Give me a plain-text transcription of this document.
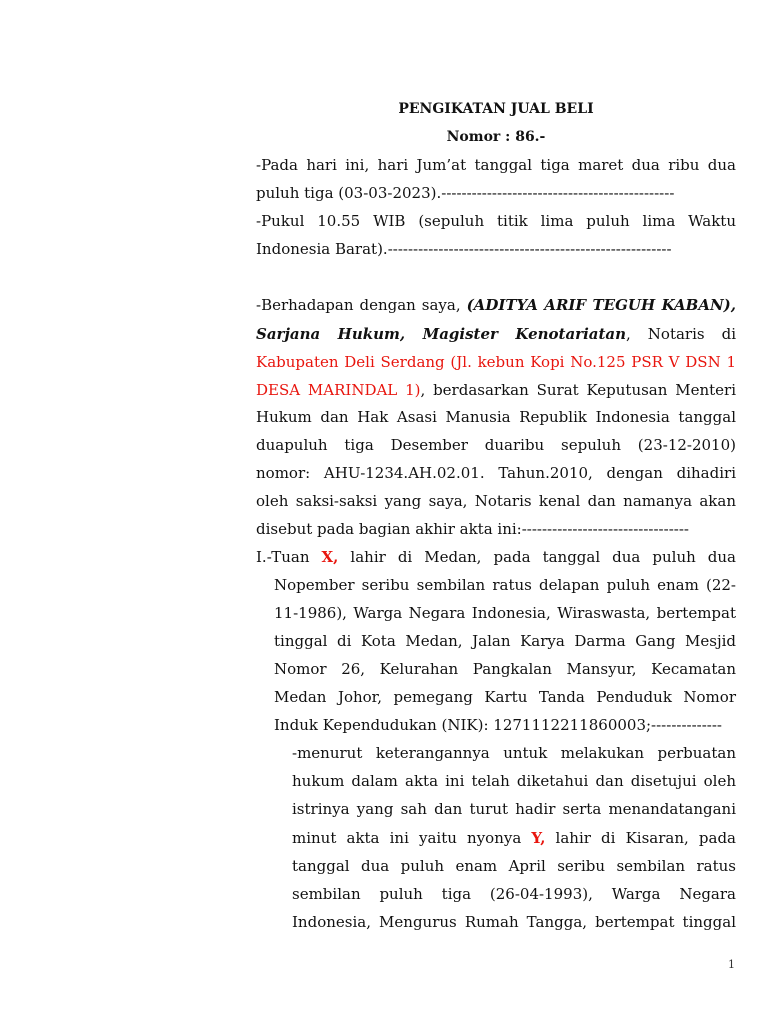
PENGIKATAN JUAL BELI
Nomor : 86.-
-Pada hari ini, hari Jum’at tanggal tiga maret dua ribu dua
puluh tiga (03-03-2023).----------------------------------------------
-Pukul 10.55 WIB (sepuluh titik lima puluh lima Waktu
Indonesia Barat).--------------------------------------------------------
-Berhadapan dengan saya, (ADITYA ARIF TEGUH KABAN),
Sarjana Hukum, Magister Kenotariatan, Notaris di
Kabupaten Deli Serdang (Jl. kebun Kopi No.125 PSR V DSN 1
DESA MARINDAL 1), berdasarkan Surat Keputusan Menteri
Hukum dan Hak Asasi Manusia Republik Indonesia tanggal
duapuluh tiga Desember duaribu sepuluh (23-12-2010)
nomor: AHU-1234.AH.02.01. Tahun.2010, dengan dihadiri
oleh saksi-saksi yang saya, Notaris kenal dan namanya akan
disebut pada bagian akhir akta ini:---------------------------------
I.-Tuan X, lahir di Medan, pada tanggal dua puluh dua
Nopember seribu sembilan ratus delapan puluh enam (22-
11-1986), Warga Negara Indonesia, Wiraswasta, bertempat
tinggal di Kota Medan, Jalan Karya Darma Gang Mesjid
Nomor 26, Kelurahan Pangkalan Mansyur, Kecamatan
Medan Johor, pemegang Kartu Tanda Penduduk Nomor
Induk Kependudukan (NIK): 1271112211860003;--------------
-menurut keterangannya untuk melakukan perbuatan
hukum dalam akta ini telah diketahui dan disetujui oleh
istrinya yang sah dan turut hadir serta menandatangani
minut akta ini yaitu nyonya Y, lahir di Kisaran, pada
tanggal dua puluh enam April seribu sembilan ratus
sembilan puluh tiga (26-04-1993), Warga Negara
Indonesia, Mengurus Rumah Tangga, bertempat tinggal
1
